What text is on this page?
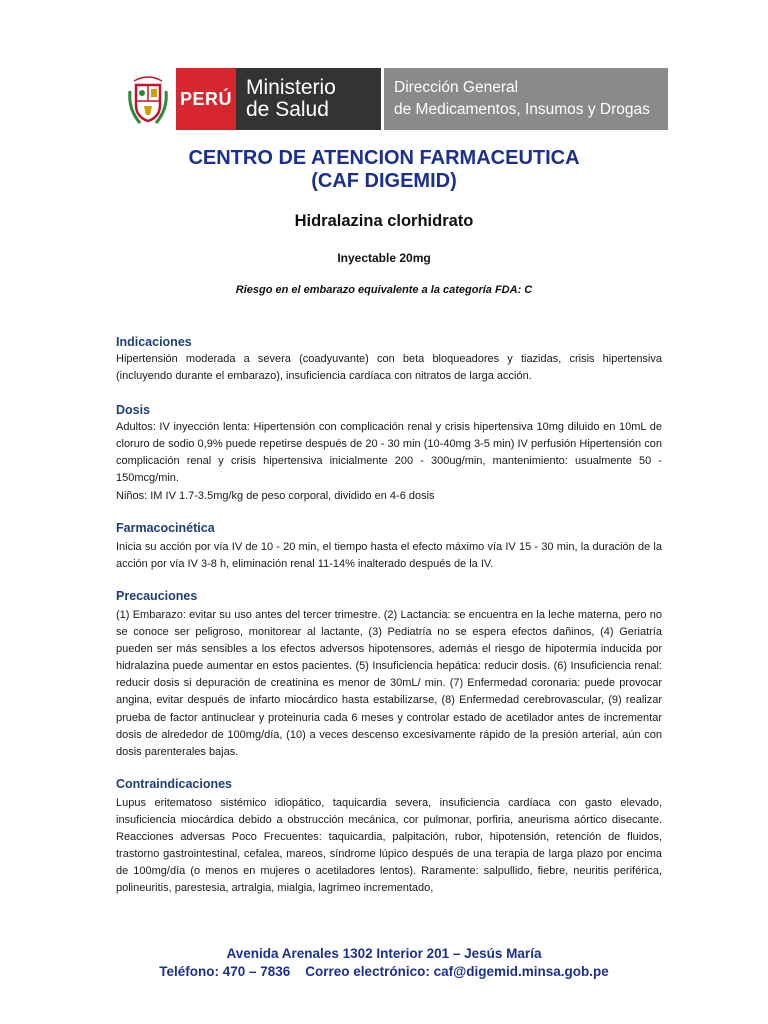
PERÚ Ministerio
de Salud
Dirección General
de Medicamentos, Insumos y Drogas
CENTRO DE ATENCION FARMACEUTICA
(CAF DIGEMID)
Hidralazina clorhidrato
Inyectable 20mg
Riesgo en el embarazo equivalente a la categoría FDA: C
Indicaciones
Hipertensión moderada a severa (coadyuvante) con beta bloqueadores y tiazidas, crisis hipertensiva (incluyendo durante el embarazo), insuficiencia cardíaca con nitratos de larga acción.
Dosis
Adultos: IV inyección lenta: Hipertensión con complicación renal y crisis hipertensiva 10mg diluido en 10mL de cloruro de sodio 0,9% puede repetirse después de 20 - 30 min (10-40mg 3-5 min) IV perfusión Hipertensión con complicación renal y crisis hipertensiva inicialmente 200 - 300ug/min, mantenimiento: usualmente 50 - 150mcg/min.
Niños: IM IV 1.7-3.5mg/kg de peso corporal, dividido en 4-6 dosis
Farmacocinética
Inicia su acción por vía IV de 10 - 20 min, el tiempo hasta el efecto máximo vía IV 15 - 30 min, la duración de la acción por vía IV 3-8 h, eliminación renal 11-14% inalterado después de la IV.
Precauciones
(1) Embarazo: evitar su uso antes del tercer trimestre. (2) Lactancia: se encuentra en la leche materna, pero no se conoce ser peligroso, monitorear al lactante, (3) Pediatría no se espera efectos dañinos, (4) Geriatría pueden ser más sensibles a los efectos adversos hipotensores, además el riesgo de hipotermia inducida por hidralazina puede aumentar en estos pacientes. (5) Insuficiencia hepática: reducir dosis. (6) Insuficiencia renal: reducir dosis si depuración de creatinina es menor de 30mL/ min. (7) Enfermedad coronaria: puede provocar angina, evitar después de infarto miocárdico hasta estabilizarse, (8) Enfermedad cerebrovascular, (9) realizar prueba de factor antinuclear y proteinuria cada 6 meses y controlar estado de acetilador antes de incrementar dosis de alrededor de 100mg/día, (10) a veces descenso excesivamente rápido de la presión arterial, aún con dosis parenterales bajas.
Contraindicaciones
Lupus eritematoso sistémico idiopático, taquicardia severa, insuficiencia cardíaca con gasto elevado, insuficiencia miocárdica debido a obstrucción mecánica, cor pulmonar, porfiria, aneurisma aórtico disecante. Reacciones adversas Poco Frecuentes: taquicardia, palpitación, rubor, hipotensión, retención de fluidos, trastorno gastrointestinal, cefalea, mareos, síndrome lúpico después de una terapia de larga plazo por encima de 100mg/día (o menos en mujeres o acetiladores lentos). Raramente: salpullido, fiebre, neuritis periférica, polineuritis, parestesia, artralgia, mialgia, lagrimeo incrementado,
Avenida Arenales 1302 Interior 201 – Jesús María
Teléfono: 470 – 7836    Correo electrónico: caf@digemid.minsa.gob.pe
